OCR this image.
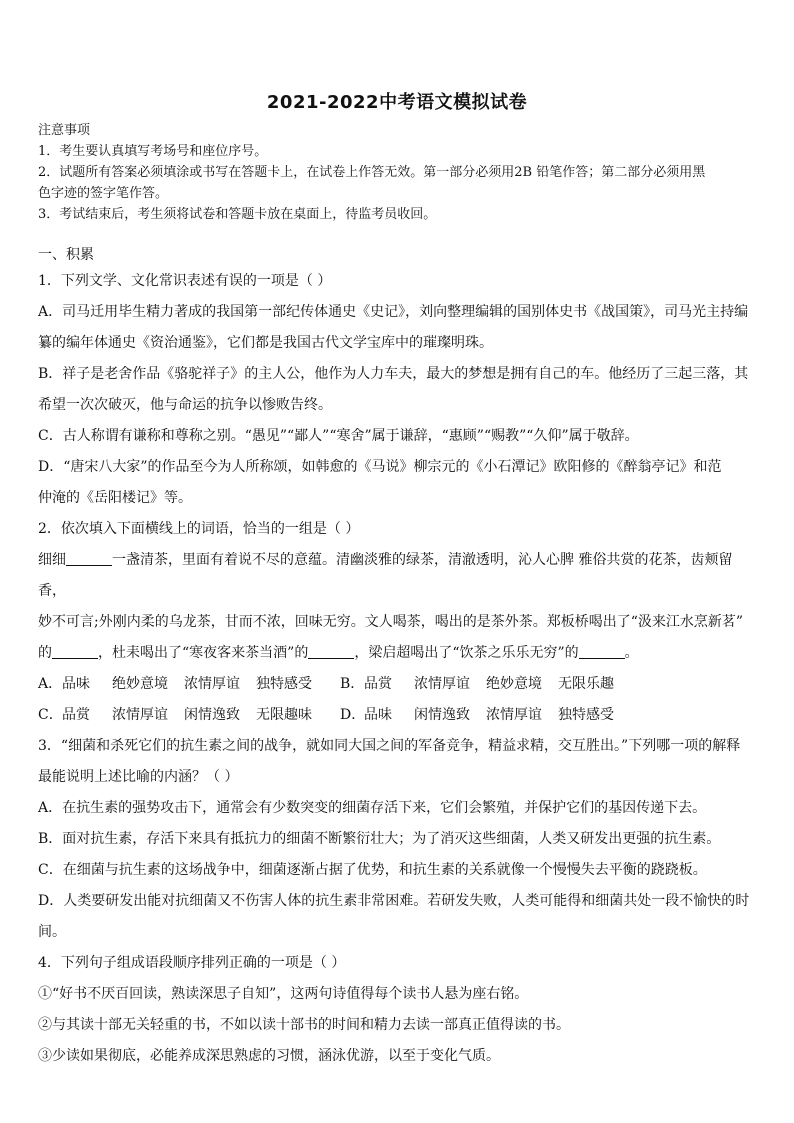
2021-2022中考语文模拟试卷

注意事项

1．考生要认真填写考场号和座位序号。

2．试题所有答案必须填涂或书写在答题卡上，在试卷上作答无效。第一部分必须用2B 铅笔作答；第二部分必须用黑

色字迹的签字笔作答。

3．考试结束后，考生须将试卷和答题卡放在桌面上，待监考员收回。

一、积累

1．下列文学、文化常识表述有误的一项是（ ）

A．司马迁用毕生精力著成的我国第一部纪传体通史《史记》，刘向整理编辑的国别体史书《战国策》，司马光主持编

纂的编年体通史《资治通鉴》，它们都是我国古代文学宝库中的璀璨明珠。

B．祥子是老舍作品《骆驼祥子》的主人公，他作为人力车夫，最大的梦想是拥有自己的车。他经历了三起三落，其

希望一次次破灭，他与命运的抗争以惨败告终。

C．古人称谓有谦称和尊称之别。“愚见”“鄙人”“寒舍”属于谦辞，“惠顾”“赐教”“久仰”属于敬辞。

D．“唐宋八大家”的作品至今为人所称颂，如韩愈的《马说》柳宗元的《小石潭记》欧阳修的《醉翁亭记》和范

仲淹的《岳阳楼记》等。

2．依次填入下面横线上的词语，恰当的一组是（ ）

细细	一盏清茶，里面有着说不尽的意蕴。清幽淡雅的绿茶，清澈透明，沁人心脾 雅俗共赏的花茶，齿颊留香，

妙不可言;外刚内柔的乌龙茶，甘而不浓，回味无穷。文人喝茶，喝出的是茶外茶。郑板桥喝出了“汲来江水烹新茗”

的	，杜耒喝出了“寒夜客来茶当酒”的	，梁启超喝出了“饮茶之乐乐无穷”的	。

A．品味 绝妙意境 浓情厚谊 独特感受 B．品赏 浓情厚谊 绝妙意境 无限乐趣

C．品赏 浓情厚谊 闲情逸致 无限趣味 D．品味 闲情逸致 浓情厚谊 独特感受

3．“细菌和杀死它们的抗生素之间的战争，就如同大国之间的军备竞争，精益求精，交互胜出。”下列哪一项的解释

最能说明上述比喻的内涵？（ ）

A．在抗生素的强势攻击下，通常会有少数突变的细菌存活下来，它们会繁殖，并保护它们的基因传递下去。

B．面对抗生素，存活下来具有抵抗力的细菌不断繁衍壮大；为了消灭这些细菌，人类又研发出更强的抗生素。

C．在细菌与抗生素的这场战争中，细菌逐渐占据了优势，和抗生素的关系就像一个慢慢失去平衡的跷跷板。

D．人类要研发出能对抗细菌又不伤害人体的抗生素非常困难。若研发失败，人类可能得和细菌共处一段不愉快的时

间。

4．下列句子组成语段顺序排列正确的一项是（ ）

①“好书不厌百回读，熟读深思子自知”，这两句诗值得每个读书人悬为座右铭。

②与其读十部无关轻重的书，不如以读十部书的时间和精力去读一部真正值得读的书。

③少读如果彻底，必能养成深思熟虑的习惯，涵泳优游，以至于变化气质。
